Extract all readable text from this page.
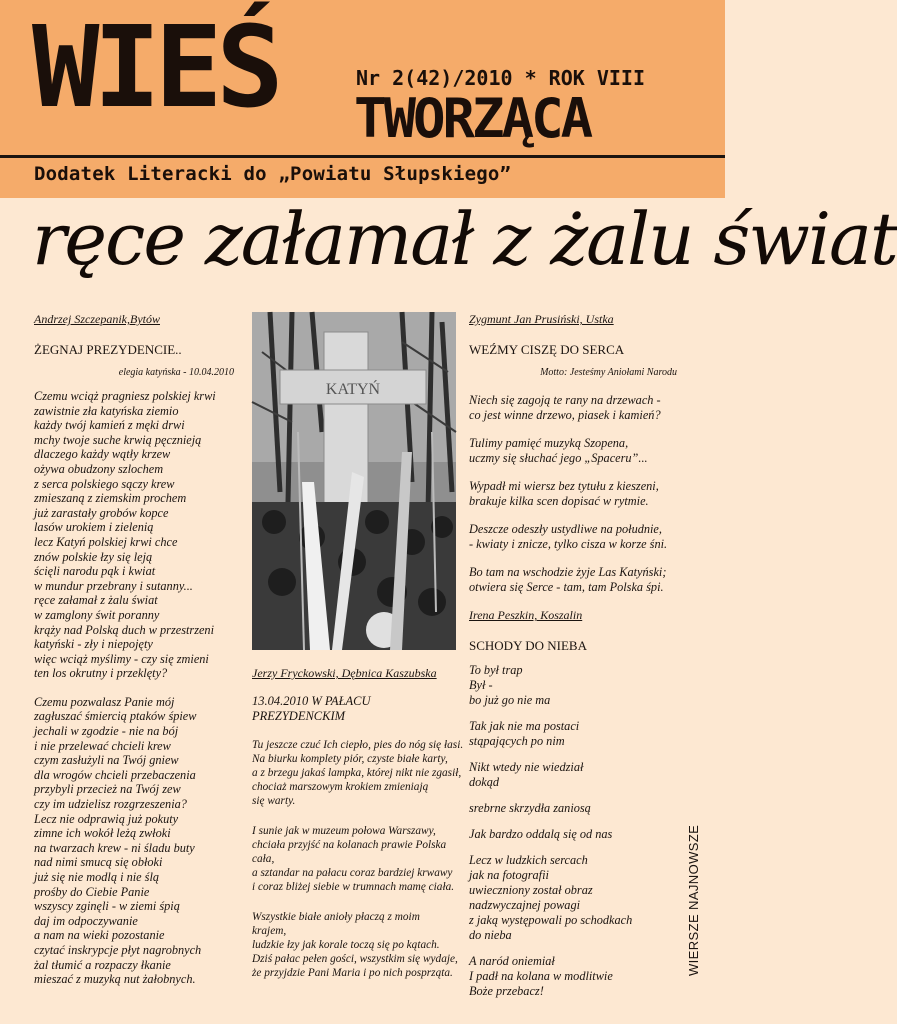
WIEŚ	Nr 2(42)/2010 * ROK VIII
TWORZĄCA
Dodatek Literacki do „Powiatu Słupskiego”
ręce załamał z żalu świat

Andrzej Szczepanik,Bytów

ŻEGNAJ PREZYDENCIE..

elegia katyńska - 10.04.2010

Czemu wciąż pragniesz polskiej krwi
zawistnie zła katyńska ziemio
każdy twój kamień z męki drwi
mchy twoje suche krwią pęcznieją
dlaczego każdy wątły krzew
ożywa obudzony szlochem
z serca polskiego sączy krew
zmieszaną z ziemskim prochem
już zarastały grobów kopce
lasów urokiem i zielenią
lecz Katyń polskiej krwi chce
znów polskie łzy się leją
ścięli narodu pąk i kwiat
w mundur przebrany i sutanny...
ręce załamał z żalu świat
w zamglony świt poranny
krąży nad Polską duch w przestrzeni
katyński - zły i niepojęty
więc wciąż myślimy - czy się zmieni
ten los okrutny i przeklęty?
Czemu pozwalasz Panie mój
zagłuszać śmiercią ptaków śpiew
jechali w zgodzie - nie na bój
i nie przelewać chcieli krew
czym zasłużyli na Twój gniew
dla wrogów chcieli przebaczenia
przybyli przecież na Twój zew
czy im udzielisz rozgrzeszenia?
Lecz nie odprawią już pokuty
zimne ich wokół leżą zwłoki
na twarzach krew - ni śladu buty
nad nimi smucą się obłoki
już się nie modlą i nie ślą
prośby do Ciebie Panie
wszyscy zginęli - w ziemi śpią
daj im odpoczywanie
a nam na wieki pozostanie
czytać inskrypcje płyt nagrobnych
żal tłumić a rozpaczy łkanie
mieszać z muzyką nut żałobnych.
KATYŃ

Jerzy Fryckowski, Dębnica Kaszubska

13.04.2010 W PAŁACU PREZYDENCKIM

Tu jeszcze czuć Ich ciepło, pies do nóg się łasi.
Na biurku komplety piór, czyste białe karty,
a z brzegu jakaś lampka, której nikt nie zgasił,
chociaż marszowym krokiem zmieniają
się warty.
I sunie jak w muzeum połowa Warszawy,
chciała przyjść na kolanach prawie Polska
cała,
a sztandar na pałacu coraz bardziej krwawy
i coraz bliżej siebie w trumnach mamę ciała.
Wszystkie białe anioły płaczą z moim
krajem,
ludzkie łzy jak korale toczą się po kątach.
Dziś pałac pełen gości, wszystkim się wydaje,
że przyjdzie Pani Maria i po nich posprząta.

Zygmunt Jan Prusiński, Ustka

WEŹMY CISZĘ DO SERCA

Motto: Jesteśmy Aniołami Narodu

Niech się zagoją te rany na drzewach -
co jest winne drzewo, piasek i kamień?
Tulimy pamięć muzyką Szopena,
uczmy się słuchać jego „Spaceru”...
Wypadł mi wiersz bez tytułu z kieszeni,
brakuje kilka scen dopisać w rytmie.
Deszcze odeszły ustydliwe na południe,
- kwiaty i znicze, tylko cisza w korze śni.
Bo tam na wschodzie żyje Las Katyński;
otwiera się Serce - tam, tam Polska śpi.

Irena Peszkin, Koszalin

SCHODY DO NIEBA

To był trap
Był -
bo już go nie ma
Tak jak nie ma postaci
stąpających po nim
Nikt wtedy nie wiedział
dokąd
srebrne skrzydła zaniosą
Jak bardzo oddalą się od nas
Lecz w ludzkich sercach
jak na fotografii
uwieczniony został obraz
nadzwyczajnej powagi
z jaką występowali po schodkach
do nieba
A naród oniemiał
I padł na kolana w modlitwie
Boże przebacz!
WIERSZE NAJNOWSZE
